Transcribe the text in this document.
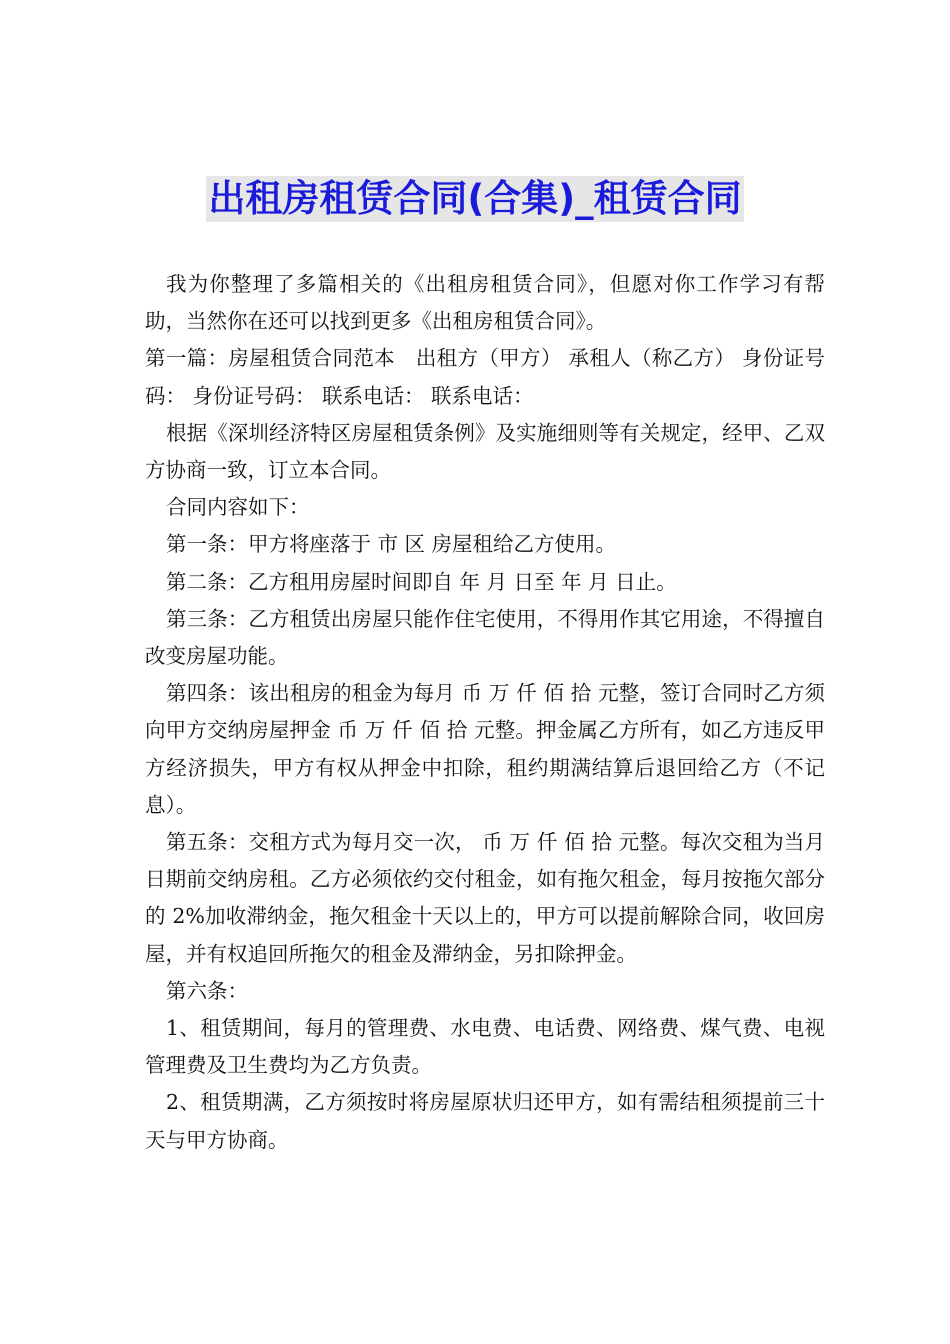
出租房租赁合同(合集)_租赁合同

我为你整理了多篇相关的《出租房租赁合同》，但愿对你工作学习有帮助，当然你在还可以找到更多《出租房租赁合同》。

第一篇：房屋租赁合同范本　出租方（甲方） 承租人（称乙方） 身份证号码： 身份证号码： 联系电话： 联系电话：

根据《深圳经济特区房屋租赁条例》及实施细则等有关规定，经甲、乙双方协商一致，订立本合同。

合同内容如下：

第一条：甲方将座落于 市 区 房屋租给乙方使用。

第二条：乙方租用房屋时间即自 年 月 日至 年 月 日止。

第三条：乙方租赁出房屋只能作住宅使用，不得用作其它用途，不得擅自改变房屋功能。

第四条：该出租房的租金为每月 币 万 仟 佰 拾 元整，签订合同时乙方须向甲方交纳房屋押金 币 万 仟 佰 拾 元整。押金属乙方所有，如乙方违反甲方经济损失，甲方有权从押金中扣除，租约期满结算后退回给乙方（不记息）。

第五条：交租方式为每月交一次， 币 万 仟 佰 拾 元整。每次交租为当月 日期前交纳房租。乙方必须依约交付租金，如有拖欠租金，每月按拖欠部分的 2%加收滞纳金，拖欠租金十天以上的，甲方可以提前解除合同，收回房屋，并有权追回所拖欠的租金及滞纳金，另扣除押金。

第六条：

1、租赁期间，每月的管理费、水电费、电话费、网络费、煤气费、电视管理费及卫生费均为乙方负责。

2、租赁期满，乙方须按时将房屋原状归还甲方，如有需结租须提前三十天与甲方协商。
